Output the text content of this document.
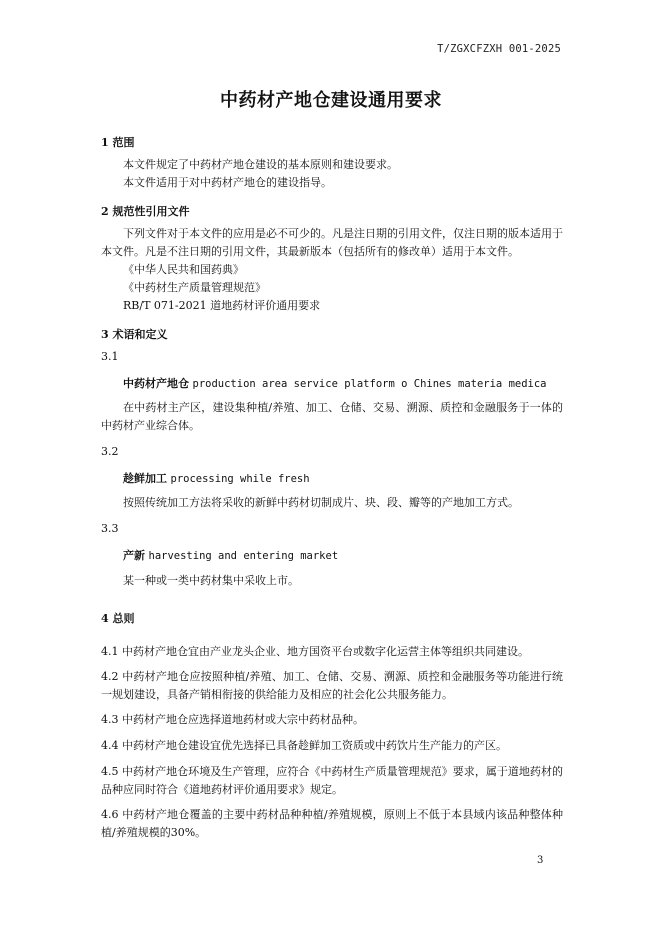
T/ZGXCFZXH 001-2025
中药材产地仓建设通用要求
1 范围
本文件规定了中药材产地仓建设的基本原则和建设要求。
本文件适用于对中药材产地仓的建设指导。
2 规范性引用文件
下列文件对于本文件的应用是必不可少的。凡是注日期的引用文件，仅注日期的版本适用于本文件。凡是不注日期的引用文件，其最新版本（包括所有的修改单）适用于本文件。
《中华人民共和国药典》
《中药材生产质量管理规范》
RB/T 071-2021 道地药材评价通用要求
3 术语和定义
3.1
中药材产地仓 production area service platform o Chines materia medica
在中药材主产区，建设集种植/养殖、加工、仓储、交易、溯源、质控和金融服务于一体的中药材产业综合体。
3.2
趁鲜加工 processing while fresh
按照传统加工方法将采收的新鲜中药材切制成片、块、段、瓣等的产地加工方式。
3.3
产新 harvesting and entering market
某一种或一类中药材集中采收上市。
4 总则
4.1 中药材产地仓宜由产业龙头企业、地方国资平台或数字化运营主体等组织共同建设。
4.2 中药材产地仓应按照种植/养殖、加工、仓储、交易、溯源、质控和金融服务等功能进行统一规划建设，具备产销相衔接的供给能力及相应的社会化公共服务能力。
4.3 中药材产地仓应选择道地药材或大宗中药材品种。
4.4 中药材产地仓建设宜优先选择已具备趁鲜加工资质或中药饮片生产能力的产区。
4.5 中药材产地仓环境及生产管理，应符合《中药材生产质量管理规范》要求，属于道地药材的品种应同时符合《道地药材评价通用要求》规定。
4.6 中药材产地仓覆盖的主要中药材品种种植/养殖规模，原则上不低于本县域内该品种整体种植/养殖规模的30%。
3
